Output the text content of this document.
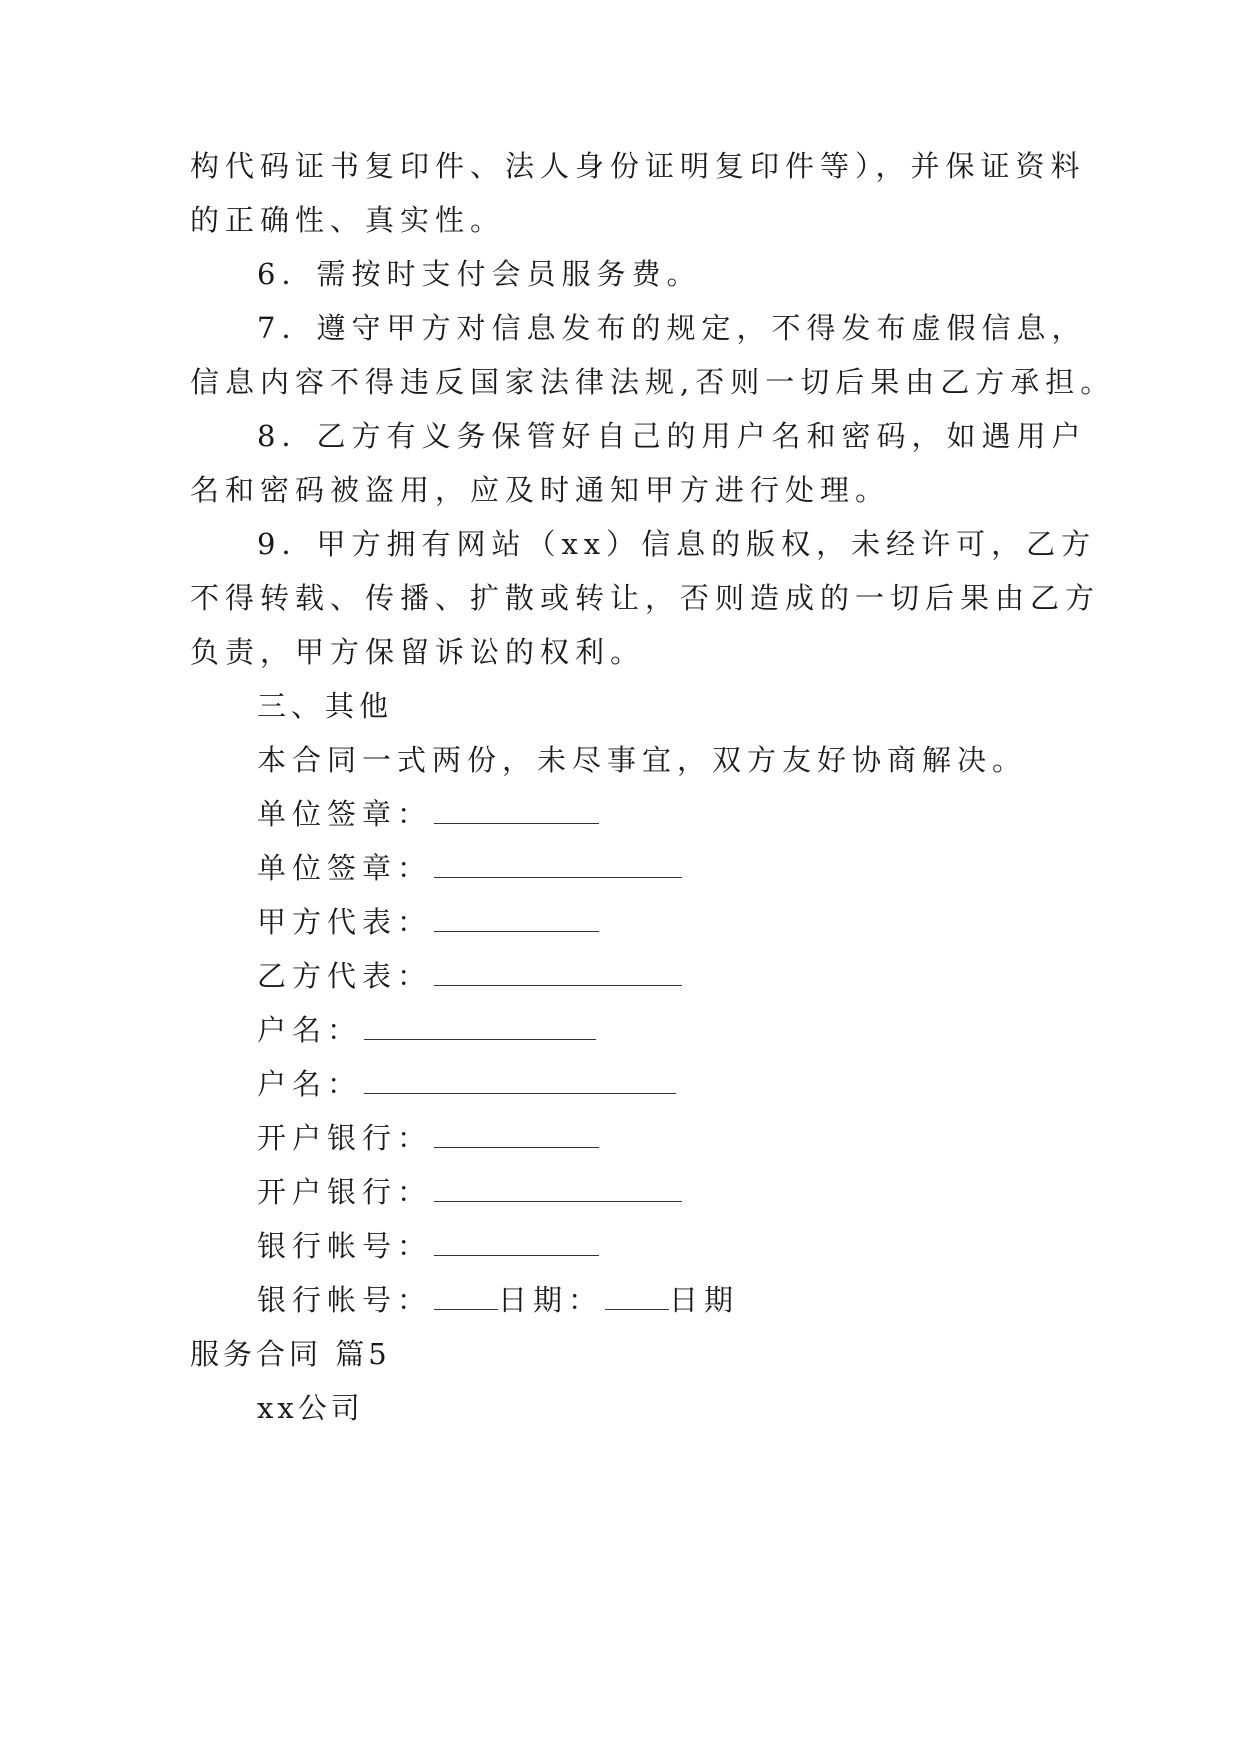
构代码证书复印件、法人身份证明复印件等），并保证资料
的正确性、真实性。
6．需按时支付会员服务费。
7．遵守甲方对信息发布的规定，不得发布虚假信息，
信息内容不得违反国家法律法规,否则一切后果由乙方承担。
8．乙方有义务保管好自己的用户名和密码，如遇用户
名和密码被盗用，应及时通知甲方进行处理。
9．甲方拥有网站（xx）信息的版权，未经许可，乙方
不得转载、传播、扩散或转让，否则造成的一切后果由乙方
负责，甲方保留诉讼的权利。
三、其他
本合同一式两份，未尽事宜，双方友好协商解决。
单位签章：
单位签章：
甲方代表：
乙方代表：
户名：
户名：
开户银行：
开户银行：
银行帐号：
银行帐号： 日期： 日期
服务合同 篇5
xx公司
